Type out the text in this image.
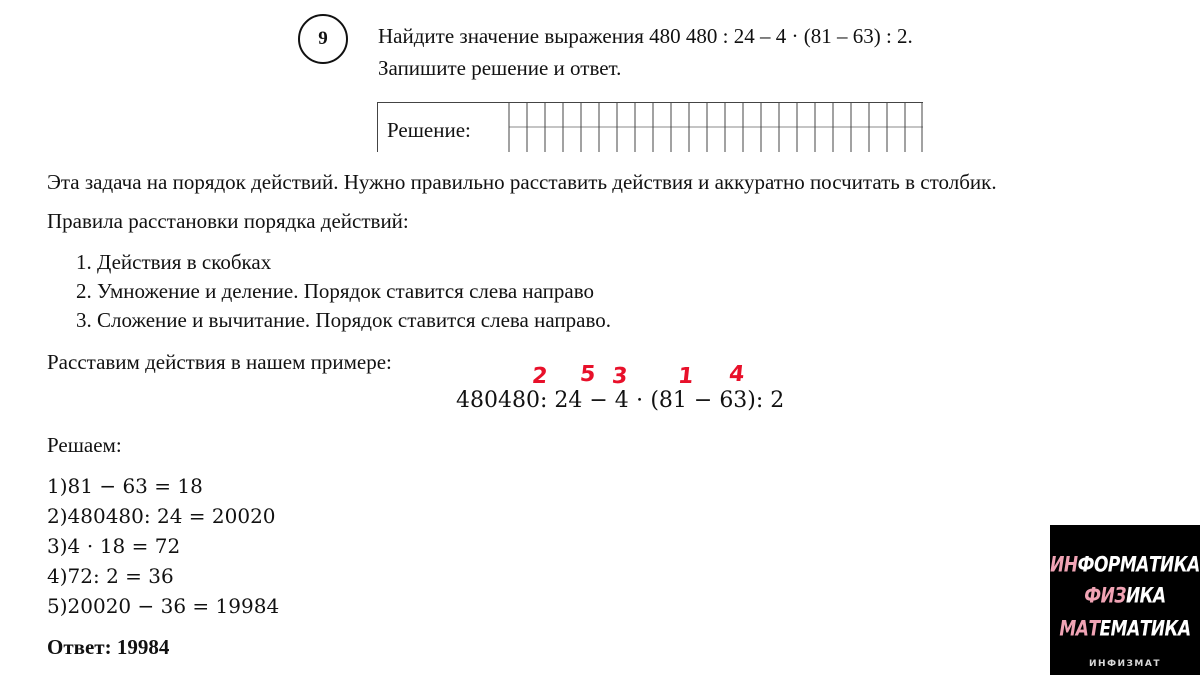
9 Найдите значение выражения 480 480 : 24 – 4 · (81 – 63) : 2.
Запишите решение и ответ.
Решение:
Эта задача на порядок действий. Нужно правильно расставить действия и аккуратно посчитать в столбик.
Правила расстановки порядка действий:
1. Действия в скобках
2. Умножение и деление. Порядок ставится слева направо
3. Сложение и вычитание. Порядок ставится слева направо.
Расставим действия в нашем примере:
2 5 3 1 4
480480: 24 − 4 ⋅ (81 − 63): 2
Решаем:
1)81 − 63 = 18
2)480480: 24 = 20020
3)4 ⋅ 18 = 72
4)72: 2 = 36
5)20020 − 36 = 19984
Ответ: 19984
ИНФОРМАТИКА
ФИЗИКА
МАТЕМАТИКА
ИНФИЗМАТ
